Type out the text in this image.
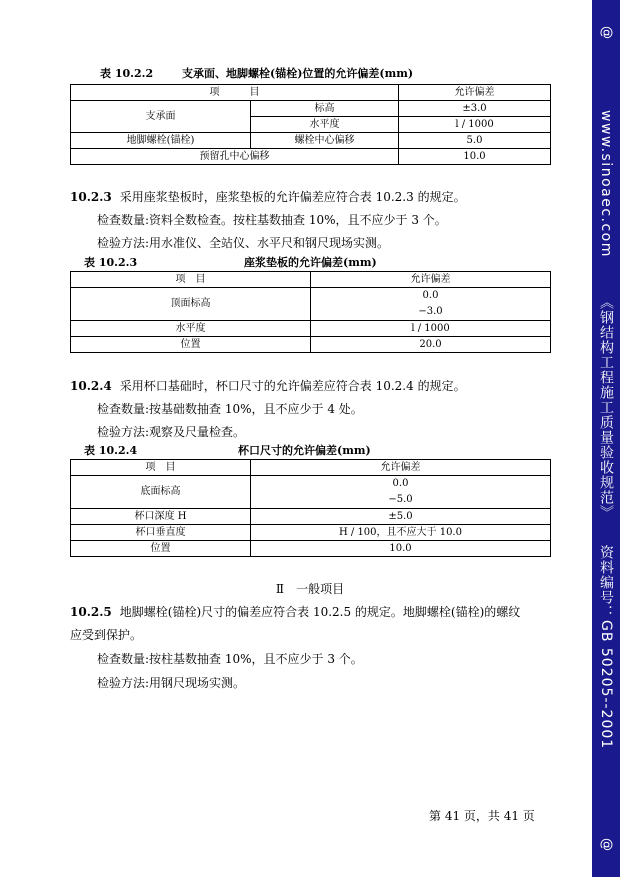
@
www.sinoaec.com
《钢结构工程施工质量验收规范》
资料编号：GB 50205--2001
@
表 10.2.2	支承面、地脚螺栓(锚栓)位置的允许偏差(mm)
项　　　目		允许偏差
支承面	标高	±3.0
	水平度	l / 1000
地脚螺栓(锚栓)	螺栓中心偏移	5.0
预留孔中心偏移		10.0
10.2.3 采用座浆垫板时，座浆垫板的允许偏差应符合表 10.2.3 的规定。
检查数量:资料全数检查。按柱基数抽查 10%，且不应少于 3 个。
检验方法:用水准仪、全站仪、水平尺和钢尺现场实测。
表 10.2.3	座浆垫板的允许偏差(mm)
项　目	允许偏差
顶面标高	0.0
−3.0

水平度	l / 1000
位置	20.0
10.2.4 采用杯口基础时，杯口尺寸的允许偏差应符合表 10.2.4 的规定。
检查数量:按基础数抽查 10%，且不应少于 4 处。
检验方法:观察及尺量检查。
表 10.2.4	杯口尺寸的允许偏差(mm)
项　目	允许偏差
底面标高	0.0
−5.0

杯口深度 H	±5.0
杯口垂直度	H / 100，且不应大于 10.0
位置	10.0
Ⅱ　一般项目
10.2.5 地脚螺栓(锚栓)尺寸的偏差应符合表 10.2.5 的规定。地脚螺栓(锚栓)的螺纹
应受到保护。
检查数量:按柱基数抽查 10%，且不应少于 3 个。
检验方法:用钢尺现场实测。
第 41 页，共 41 页
